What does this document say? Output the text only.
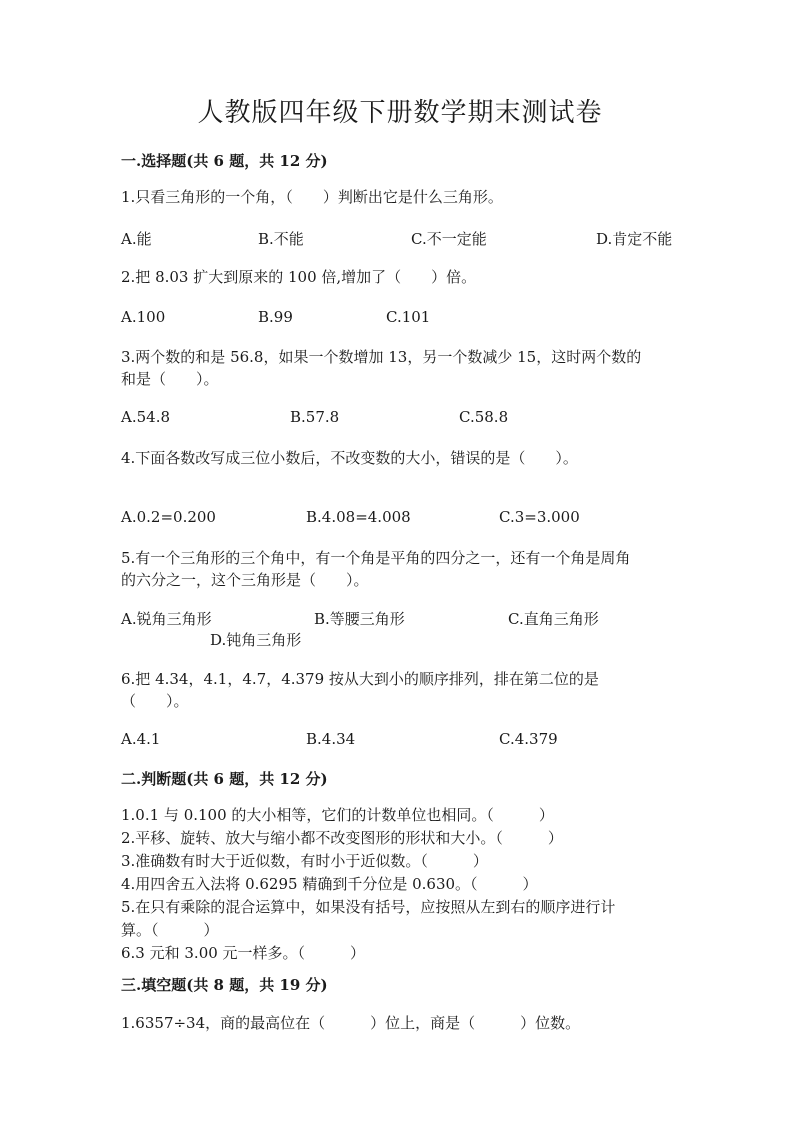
人教版四年级下册数学期末测试卷
一.选择题(共 6 题，共 12 分)
1.只看三角形的一个角，（　　）判断出它是什么三角形。
A.能	B.不能	C.不一定能	D.肯定不能
2.把 8.03 扩大到原来的 100 倍,增加了（　　）倍。
A.100	B.99	C.101
3.两个数的和是 56.8，如果一个数增加 13，另一个数减少 15，这时两个数的
和是（　　）。
A.54.8	B.57.8	C.58.8
4.下面各数改写成三位小数后，不改变数的大小，错误的是（　　）。
A.0.2=0.200	B.4.08=4.008	C.3=3.000
5.有一个三角形的三个角中，有一个角是平角的四分之一，还有一个角是周角
的六分之一，这个三角形是（　　）。
A.锐角三角形	B.等腰三角形	C.直角三角形
D.钝角三角形
6.把 4.34，4.1，4.7，4.379 按从大到小的顺序排列，排在第二位的是
（　　）。
A.4.1	B.4.34	C.4.379
二.判断题(共 6 题，共 12 分)
1.0.1 与 0.100 的大小相等，它们的计数单位也相同。（　　　）
2.平移、旋转、放大与缩小都不改变图形的形状和大小。（　　　）
3.准确数有时大于近似数，有时小于近似数。（　　　）
4.用四舍五入法将 0.6295 精确到千分位是 0.630。（　　　）
5.在只有乘除的混合运算中，如果没有括号，应按照从左到右的顺序进行计
算。（　　　）
6.3 元和 3.00 元一样多。（　　　）
三.填空题(共 8 题，共 19 分)
1.6357÷34，商的最高位在（　　　）位上，商是（　　　）位数。
